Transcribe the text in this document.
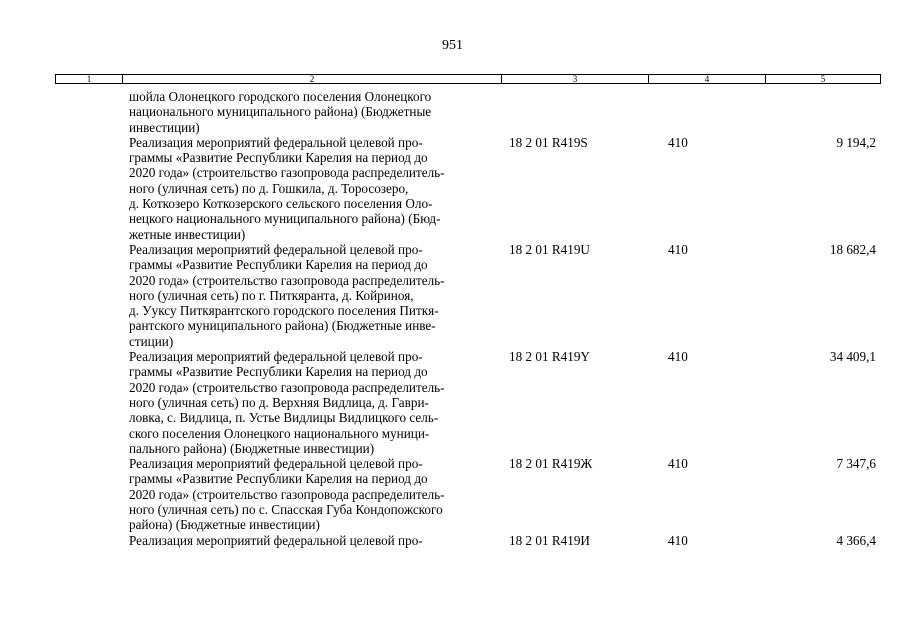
951
1	2	3	4	5
шойла Олонецкого городского поселения Олонецкого
национального муниципального района) (Бюджетные
инвестиции)
Реализация мероприятий федеральной целевой про-
граммы «Развитие Республики Карелия на период до
2020 года» (строительство газопровода распределитель-
ного (уличная сеть) по д. Гошкила, д. Торосозеро,
д. Коткозеро Коткозерского сельского поселения Оло-
нецкого национального муниципального района) (Бюд-
жетные инвестиции)
18 2 01 R419S	410	9 194,2
Реализация мероприятий федеральной целевой про-
граммы «Развитие Республики Карелия на период до
2020 года» (строительство газопровода распределитель-
ного (уличная сеть) по г. Питкяранта, д. Койриноя,
д. Ууксу Питкярантского городского поселения Питкя-
рантского муниципального района) (Бюджетные инве-
стиции)
18 2 01 R419U	410	18 682,4
Реализация мероприятий федеральной целевой про-
граммы «Развитие Республики Карелия на период до
2020 года» (строительство газопровода распределитель-
ного (уличная сеть) по д. Верхняя Видлица, д. Гаври-
ловка, с. Видлица, п. Устье Видлицы Видлицкого сель-
ского поселения Олонецкого национального муници-
пального района) (Бюджетные инвестиции)
18 2 01 R419Y	410	34 409,1
Реализация мероприятий федеральной целевой про-
граммы «Развитие Республики Карелия на период до
2020 года» (строительство газопровода распределитель-
ного (уличная сеть) по с. Спасская Губа Кондопожского
района) (Бюджетные инвестиции)
18 2 01 R419Ж	410	7 347,6
Реализация мероприятий федеральной целевой про-	18 2 01 R419И	410	4 366,4
